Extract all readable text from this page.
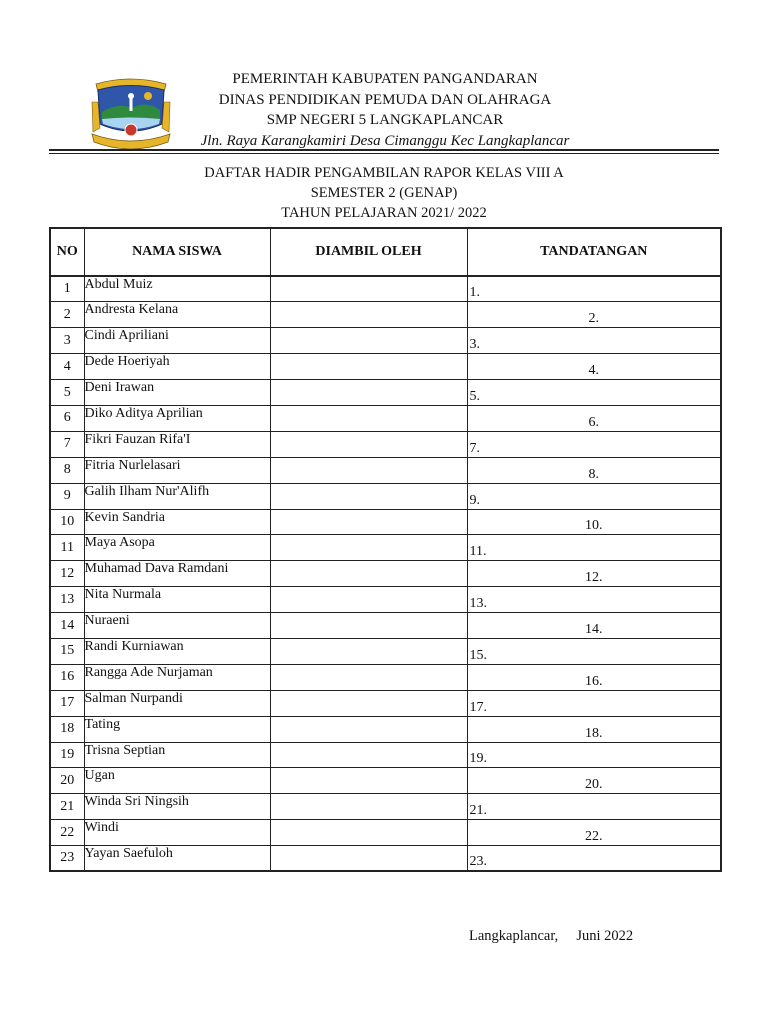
PEMERINTAH KABUPATEN PANGANDARAN
DINAS PENDIDIKAN PEMUDA DAN OLAHRAGA
SMP NEGERI 5 LANGKAPLANCAR
Jln. Raya Karangkamiri Desa Cimanggu Kec Langkaplancar
DAFTAR HADIR PENGAMBILAN RAPOR KELAS VIII A
SEMESTER 2 (GENAP)
TAHUN PELAJARAN 2021/ 2022
NO	NAMA SISWA	DIAMBIL OLEH	TANDATANGAN
1	Abdul Muiz		1.
2	Andresta Kelana		2.
3	Cindi Apriliani		3.
4	Dede Hoeriyah		4.
5	Deni Irawan		5.
6	Diko Aditya Aprilian		6.
7	Fikri Fauzan Rifa'I		7.
8	Fitria Nurlelasari		8.
9	Galih Ilham Nur'Alifh		9.
10	Kevin Sandria		10.
11	Maya Asopa		11.
12	Muhamad Dava Ramdani		12.
13	Nita Nurmala		13.
14	Nuraeni		14.
15	Randi Kurniawan		15.
16	Rangga Ade Nurjaman		16.
17	Salman Nurpandi		17.
18	Tating		18.
19	Trisna Septian		19.
20	Ugan		20.
21	Winda Sri Ningsih		21.
22	Windi		22.
23	Yayan Saefuloh		23.
Langkaplancar,     Juni 2022
